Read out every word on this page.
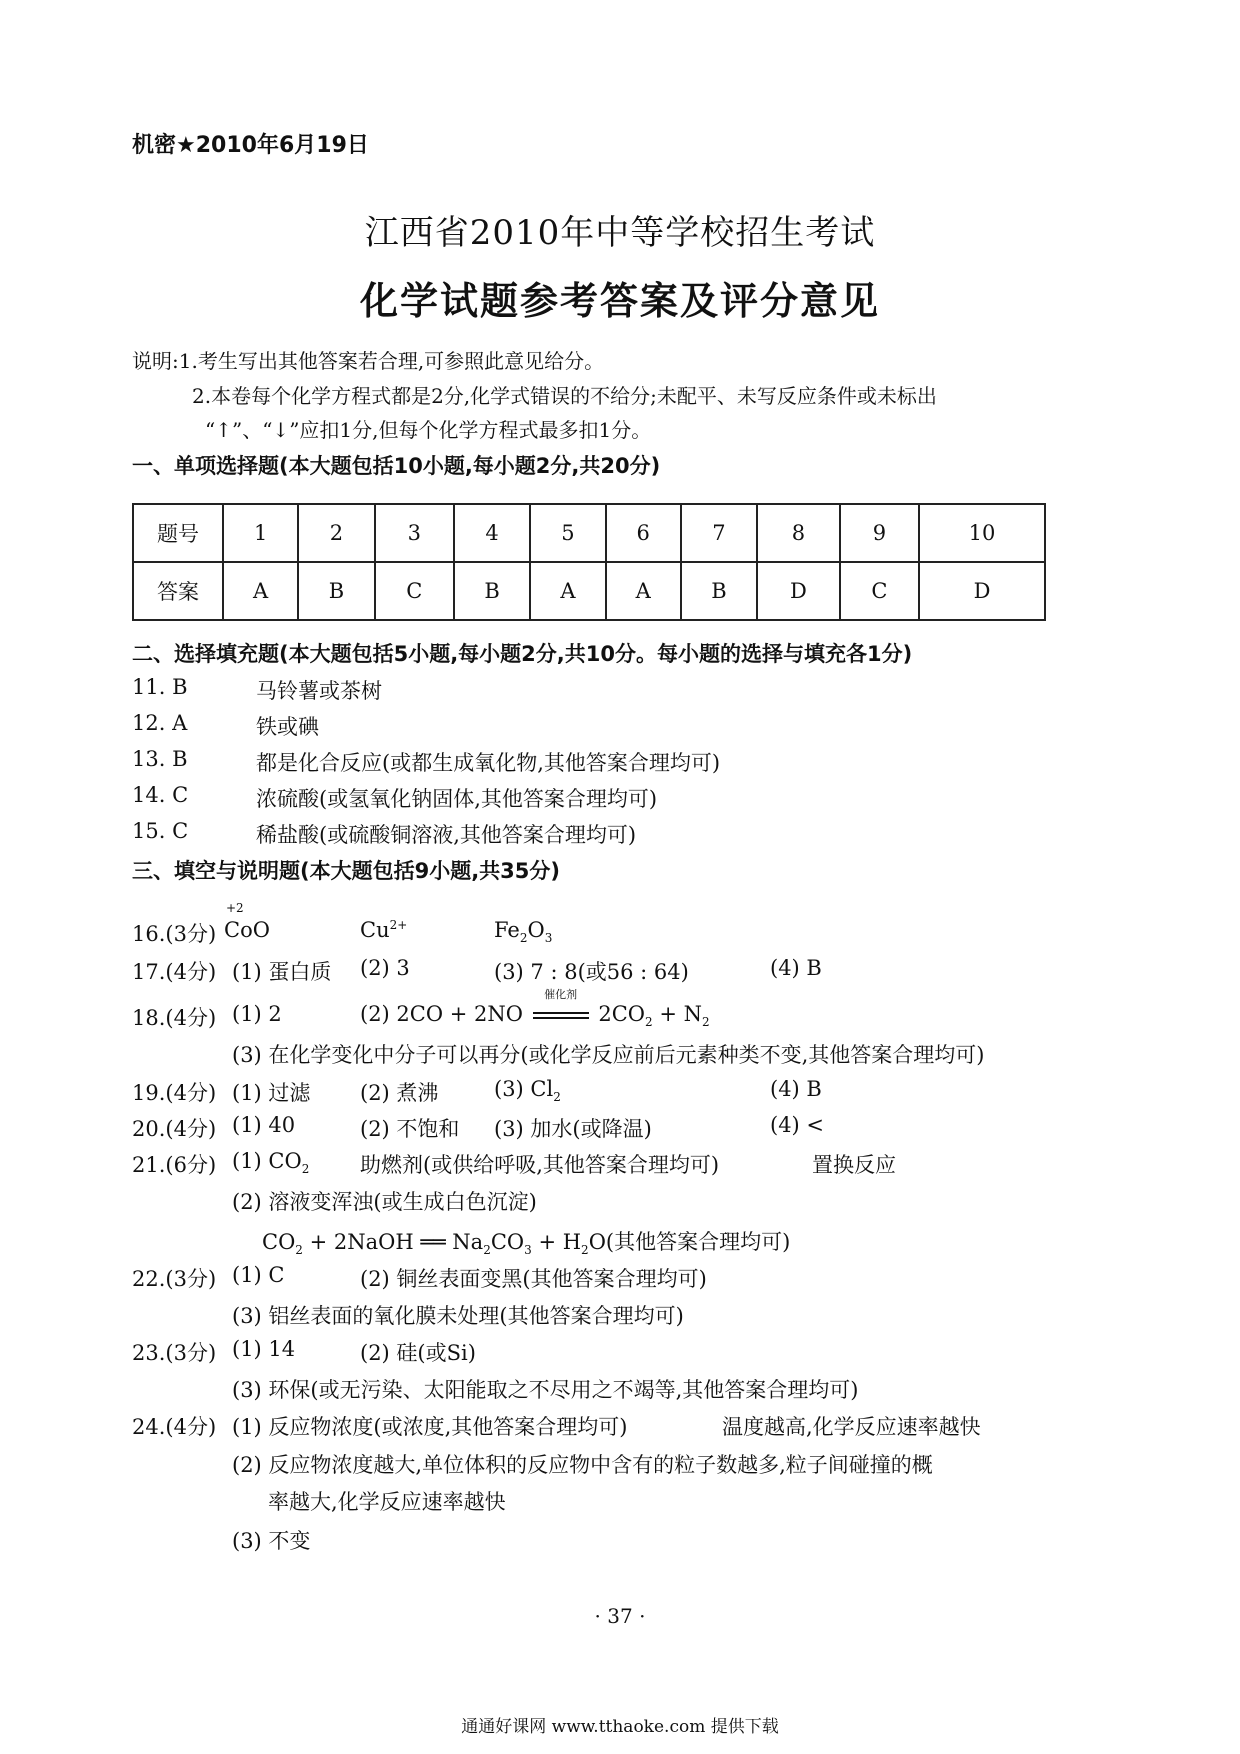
机密★2010年6月19日
江西省2010年中等学校招生考试
化学试题参考答案及评分意见
说明:1.考生写出其他答案若合理,可参照此意见给分。
2.本卷每个化学方程式都是2分,化学式错误的不给分;未配平、未写反应条件或未标出
“↑”、“↓”应扣1分,但每个化学方程式最多扣1分。
一、单项选择题(本大题包括10小题,每小题2分,共20分)
题号	1	2	3	4	5	6	7	8	9	10
答案	A	B	C	B	A	A	B	D	C	D
二、选择填充题(本大题包括5小题,每小题2分,共10分。每小题的选择与填充各1分)
11. B	马铃薯或茶树
12. A	铁或碘
13. B	都是化合反应(或都生成氧化物,其他答案合理均可)
14. C	浓硫酸(或氢氧化钠固体,其他答案合理均可)
15. C	稀盐酸(或硫酸铜溶液,其他答案合理均可)
三、填空与说明题(本大题包括9小题,共35分)
16.(3分)
+2
CoO	$Cu^{2+}$	$Fe_2O_3$
17.(4分) (1) 蛋白质 (2) 3	(3) 7 : 8(或56 : 64)	(4) B
18.(4分) (1) 2	(2) 2CO + 2NO
催化剂
$2CO_2 + N_2$
(3) 在化学变化中分子可以再分(或化学反应前后元素种类不变,其他答案合理均可)
19.(4分) (1) 过滤 (2) 煮沸	(3) $Cl_2$	(4) B
20.(4分) (1) 40	(2) 不饱和 (3) 加水(或降温)	(4) <
21.(6分) (1) $CO_2$ 助燃剂(或供给呼吸,其他答案合理均可)	置换反应
(2) 溶液变浑浊(或生成白色沉淀)
$CO_2$ + 2NaOH ══ $Na_2CO_3 + H_2O$(其他答案合理均可)
22.(3分) (1) C	(2) 铜丝表面变黑(其他答案合理均可)
(3) 铝丝表面的氧化膜未处理(其他答案合理均可)
23.(3分) (1) 14	(2) 硅(或Si)
(3) 环保(或无污染、太阳能取之不尽用之不竭等,其他答案合理均可)
24.(4分) (1) 反应物浓度(或浓度,其他答案合理均可)	温度越高,化学反应速率越快
(2) 反应物浓度越大,单位体积的反应物中含有的粒子数越多,粒子间碰撞的概
率越大,化学反应速率越快
(3) 不变
· 37 ·
通通好课网 www.tthaoke.com 提供下载
